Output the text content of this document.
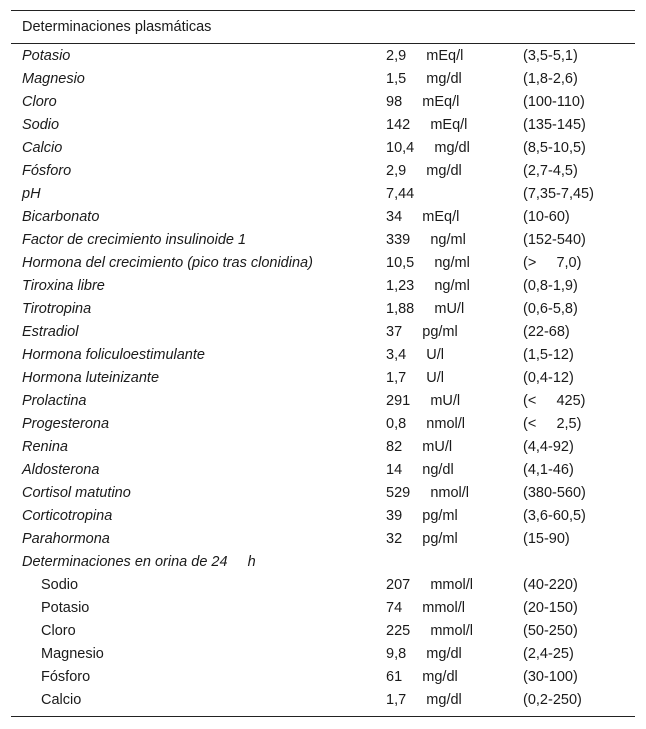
Determinaciones plasmáticas
Potasio	2,9     mEq/l	(3,5-5,1)
Magnesio	1,5     mg/dl	(1,8-2,6)
Cloro	98     mEq/l	(100-110)
Sodio	142     mEq/l	(135-145)
Calcio	10,4     mg/dl	(8,5-10,5)
Fósforo	2,9     mg/dl	(2,7-4,5)
pH	7,44	(7,35-7,45)
Bicarbonato	34     mEq/l	(10-60)
Factor de crecimiento insulinoide 1	339     ng/ml	(152-540)
Hormona del crecimiento (pico tras clonidina)	10,5     ng/ml	(>     7,0)
Tiroxina libre	1,23     ng/ml	(0,8-1,9)
Tirotropina	1,88     mU/l	(0,6-5,8)
Estradiol	37     pg/ml	(22-68)
Hormona foliculoestimulante	3,4     U/l	(1,5-12)
Hormona luteinizante	1,7     U/l	(0,4-12)
Prolactina	291     mU/l	(<     425)
Progesterona	0,8     nmol/l	(<     2,5)
Renina	82     mU/l	(4,4-92)
Aldosterona	14     ng/dl	(4,1-46)
Cortisol matutino	529     nmol/l	(380-560)
Corticotropina	39     pg/ml	(3,6-60,5)
Parahormona	32     pg/ml	(15-90)
Determinaciones en orina de 24     h
Sodio	207     mmol/l	(40-220)
Potasio	74     mmol/l	(20-150)
Cloro	225     mmol/l	(50-250)
Magnesio	9,8     mg/dl	(2,4-25)
Fósforo	61     mg/dl	(30-100)
Calcio	1,7     mg/dl	(0,2-250)
